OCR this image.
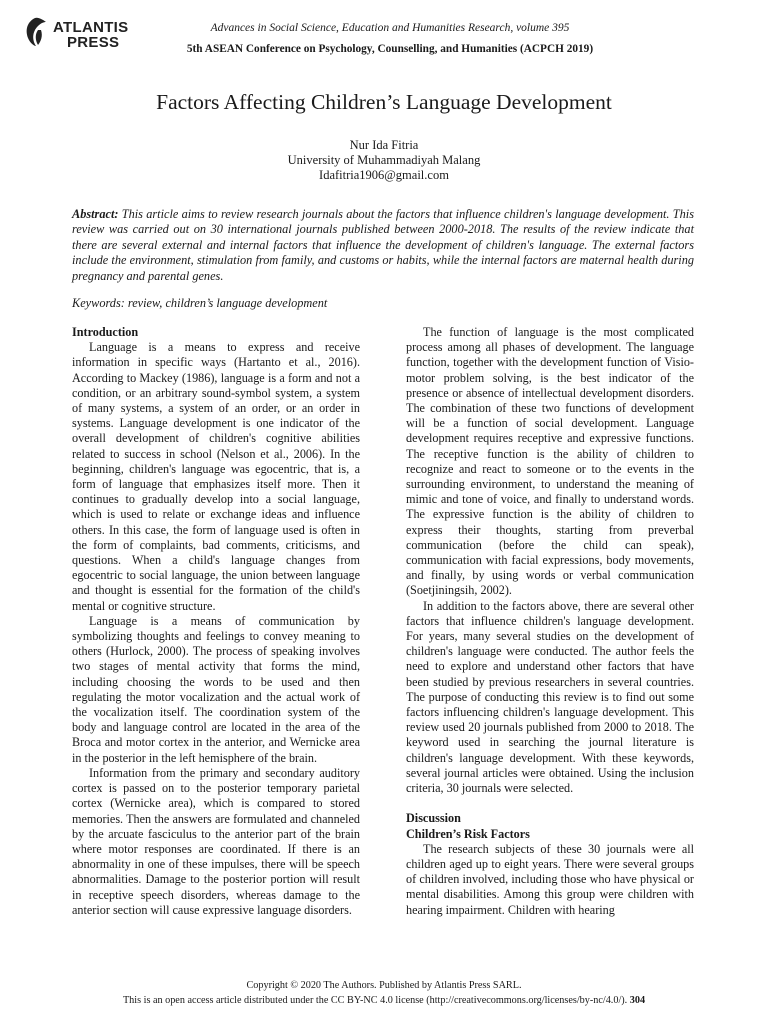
ATLANTIS
PRESS
Advances in Social Science, Education and Humanities Research, volume 395
5th ASEAN Conference on Psychology, Counselling, and Humanities (ACPCH 2019)
Factors Affecting Children’s Language Development
Nur Ida Fitria
University of Muhammadiyah Malang
Idafitria1906@gmail.com
Abstract: This article aims to review research journals about the factors that influence children's language development. This review was carried out on 30 international journals published between 2000-2018. The results of the review indicate that there are several external and internal factors that influence the development of children's language. The external factors include the environment, stimulation from family, and customs or habits, while the internal factors are maternal health during pregnancy and parental genes.
Keywords: review, children’s language development
Introduction

Language is a means to express and receive information in specific ways (Hartanto et al., 2016). According to Mackey (1986), language is a form and not a condition, or an arbitrary sound-symbol system, a system of many systems, a system of an order, or an order in systems. Language development is one indicator of the overall development of children's cognitive abilities related to success in school (Nelson et al., 2006). In the beginning, children's language was egocentric, that is, a form of language that emphasizes itself more. Then it continues to gradually develop into a social language, which is used to relate or exchange ideas and influence others. In this case, the form of language used is often in the form of complaints, bad comments, criticisms, and questions. When a child's language changes from egocentric to social language, the union between language and thought is essential for the formation of the child's mental or cognitive structure.

Language is a means of communication by symbolizing thoughts and feelings to convey meaning to others (Hurlock, 2000). The process of speaking involves two stages of mental activity that forms the mind, including choosing the words to be used and then regulating the motor vocalization and the actual work of the vocalization itself. The coordination system of the body and language control are located in the area of the Broca and motor cortex in the anterior, and Wernicke area in the posterior in the left hemisphere of the brain.

Information from the primary and secondary auditory cortex is passed on to the posterior temporary parietal cortex (Wernicke area), which is compared to stored memories. Then the answers are formulated and channeled by the arcuate fasciculus to the anterior part of the brain where motor responses are coordinated. If there is an abnormality in one of these impulses, there will be speech abnormalities. Damage to the posterior portion will result in receptive speech disorders, whereas damage to the anterior section will cause expressive language disorders.

The function of language is the most complicated process among all phases of development. The language function, together with the development function of Visio-motor problem solving, is the best indicator of the presence or absence of intellectual development disorders. The combination of these two functions of development will be a function of social development. Language development requires receptive and expressive functions. The receptive function is the ability of children to recognize and react to someone or to the events in the surrounding environment, to understand the meaning of mimic and tone of voice, and finally to understand words. The expressive function is the ability of children to express their thoughts, starting from preverbal communication (before the child can speak), communication with facial expressions, body movements, and finally, by using words or verbal communication (Soetjiningsih, 2002).

In addition to the factors above, there are several other factors that influence children's language development. For years, many several studies on the development of children's language were conducted. The author feels the need to explore and understand other factors that have been studied by previous researchers in several countries. The purpose of conducting this review is to find out some factors influencing children's language development. This review used 20 journals published from 2000 to 2018. The keyword used in searching the journal literature is children's language development. With these keywords, several journal articles were obtained. Using the inclusion criteria, 30 journals were selected.

Discussion
Children’s Risk Factors

The research subjects of these 30 journals were all children aged up to eight years. There were several groups of children involved, including those who have physical or mental disabilities. Among this group were children with hearing impairment. Children with hearing

Copyright © 2020 The Authors. Published by Atlantis Press SARL.
This is an open access article distributed under the CC BY-NC 4.0 license (http://creativecommons.org/licenses/by-nc/4.0/). 304
